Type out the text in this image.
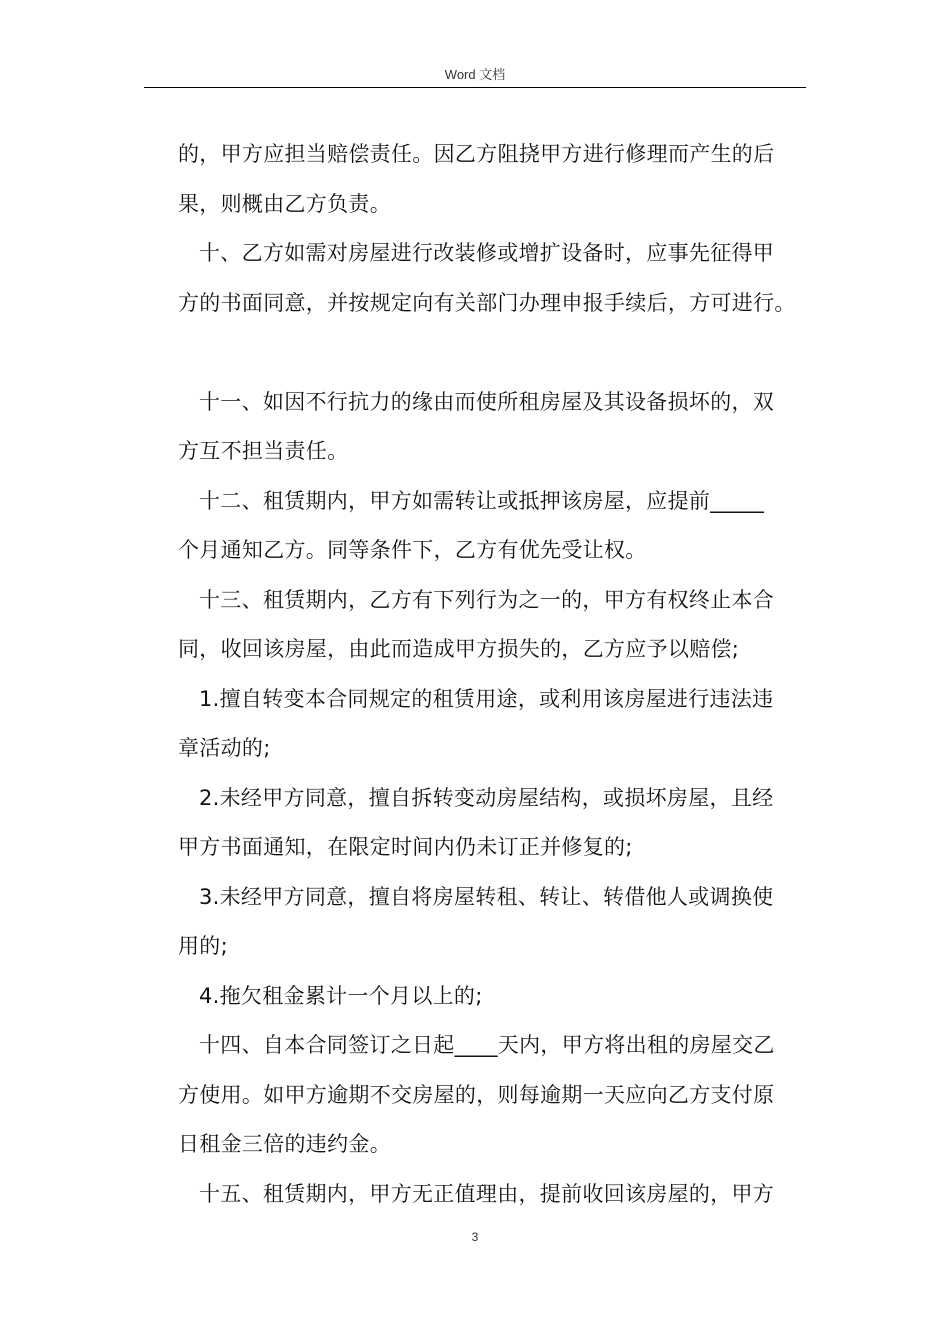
Word 文档
的，甲方应担当赔偿责任。因乙方阻挠甲方进行修理而产生的后
果，则概由乙方负责。
十、乙方如需对房屋进行改装修或增扩设备时，应事先征得甲
方的书面同意，并按规定向有关部门办理申报手续后，方可进行。
十一、如因不行抗力的缘由而使所租房屋及其设备损坏的，双
方互不担当责任。
十二、租赁期内，甲方如需转让或抵押该房屋，应提前_____
个月通知乙方。同等条件下，乙方有优先受让权。
十三、租赁期内，乙方有下列行为之一的，甲方有权终止本合
同，收回该房屋，由此而造成甲方损失的，乙方应予以赔偿;
1.擅自转变本合同规定的租赁用途，或利用该房屋进行违法违
章活动的;
2.未经甲方同意，擅自拆转变动房屋结构，或损坏房屋，且经
甲方书面通知，在限定时间内仍未订正并修复的;
3.未经甲方同意，擅自将房屋转租、转让、转借他人或调换使
用的;
4.拖欠租金累计一个月以上的;
十四、自本合同签订之日起____天内，甲方将出租的房屋交乙
方使用。如甲方逾期不交房屋的，则每逾期一天应向乙方支付原
日租金三倍的违约金。
十五、租赁期内，甲方无正值理由，提前收回该房屋的，甲方
3
